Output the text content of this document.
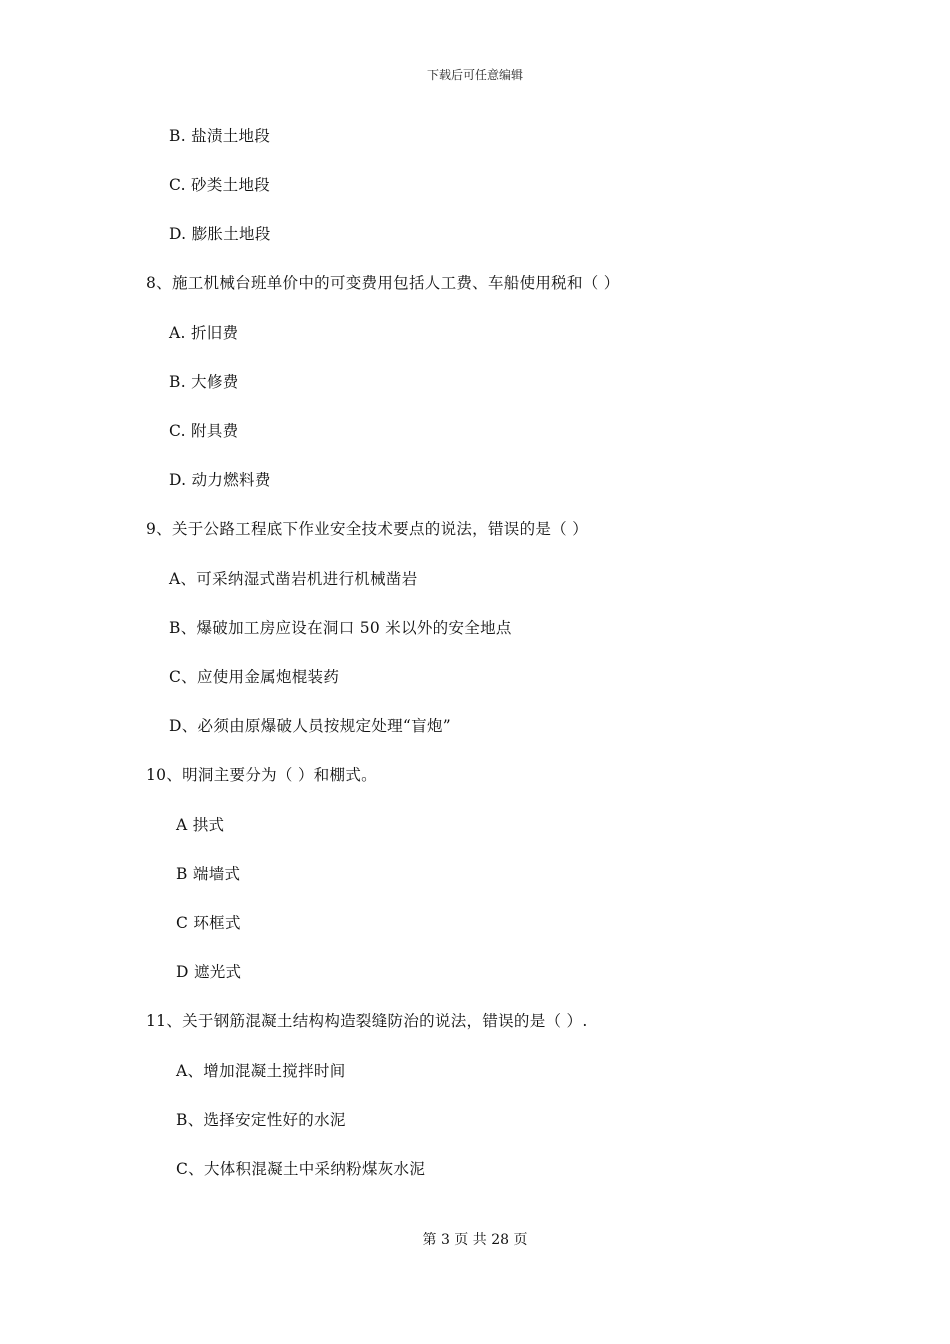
下载后可任意编辑
B. 盐渍土地段
C. 砂类土地段
D. 膨胀土地段
8、施工机械台班单价中的可变费用包括人工费、车船使用税和（ ）
A. 折旧费
B. 大修费
C. 附具费
D. 动力燃料费
9、关于公路工程底下作业安全技术要点的说法，错误的是（ ）
A、可采纳湿式凿岩机进行机械凿岩
B、爆破加工房应设在洞口 50 米以外的安全地点
C、应使用金属炮棍装药
D、必须由原爆破人员按规定处理“盲炮”
10、明洞主要分为（ ）和棚式。
A 拱式
B 端墙式
C 环框式
D 遮光式
11、关于钢筋混凝土结构构造裂缝防治的说法，错误的是（ ）.
A、增加混凝土搅拌时间
B、选择安定性好的水泥
C、大体积混凝土中采纳粉煤灰水泥
第 3 页 共 28 页
